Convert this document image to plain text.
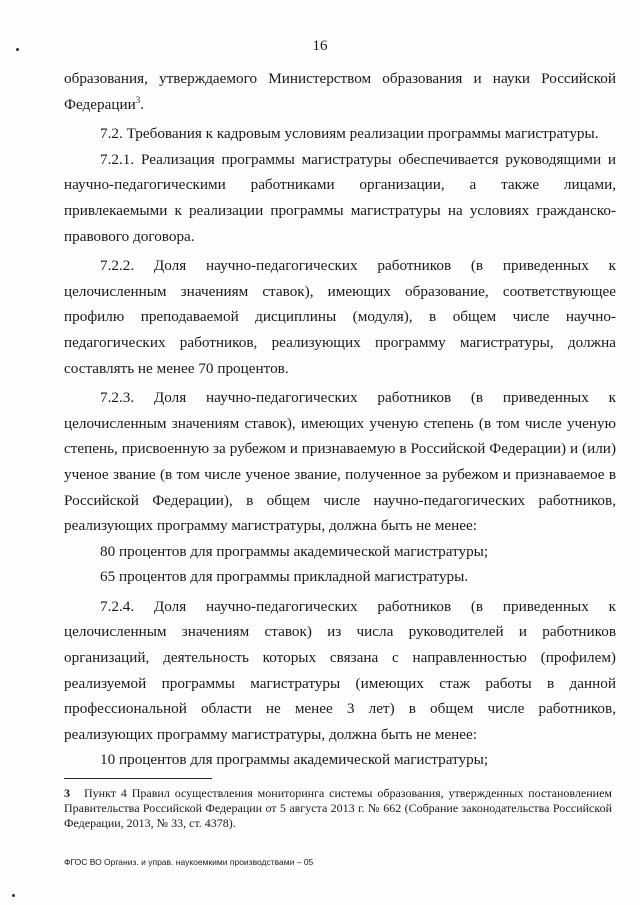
16

образования, утверждаемого Министерством образования и науки Российской Федерации$^3$.

7.2. Требования к кадровым условиям реализации программы магистратуры.

7.2.1. Реализация программы магистратуры обеспечивается руководящими и научно-педагогическими работниками организации, а также лицами, привлекаемыми к реализации программы магистратуры на условиях гражданско-правового договора.

7.2.2. Доля научно-педагогических работников (в приведенных к целочисленным значениям ставок), имеющих образование, соответствующее профилю преподаваемой дисциплины (модуля), в общем числе научно-педагогических работников, реализующих программу магистратуры, должна составлять не менее 70 процентов.

7.2.3. Доля научно-педагогических работников (в приведенных к целочисленным значениям ставок), имеющих ученую степень (в том числе ученую степень, присвоенную за рубежом и признаваемую в Российской Федерации) и (или) ученое звание (в том числе ученое звание, полученное за рубежом и признаваемое в Российской Федерации), в общем числе научно-педагогических работников, реализующих программу магистратуры, должна быть не менее:

80 процентов для программы академической магистратуры;

65 процентов для программы прикладной магистратуры.

7.2.4. Доля научно-педагогических работников (в приведенных к целочисленным значениям ставок) из числа руководителей и работников организаций, деятельность которых связана с направленностью (профилем) реализуемой программы магистратуры (имеющих стаж работы в данной профессиональной области не менее 3 лет) в общем числе работников, реализующих программу магистратуры, должна быть не менее:

10 процентов для программы академической магистратуры;

3 Пункт 4 Правил осуществления мониторинга системы образования, утвержденных постановлением Правительства Российской Федерации от 5 августа 2013 г. № 662 (Собрание законодательства Российской Федерации, 2013, № 33, ст. 4378).
ФГОС ВО Организ. и управ. наукоемкими производствами – 05
